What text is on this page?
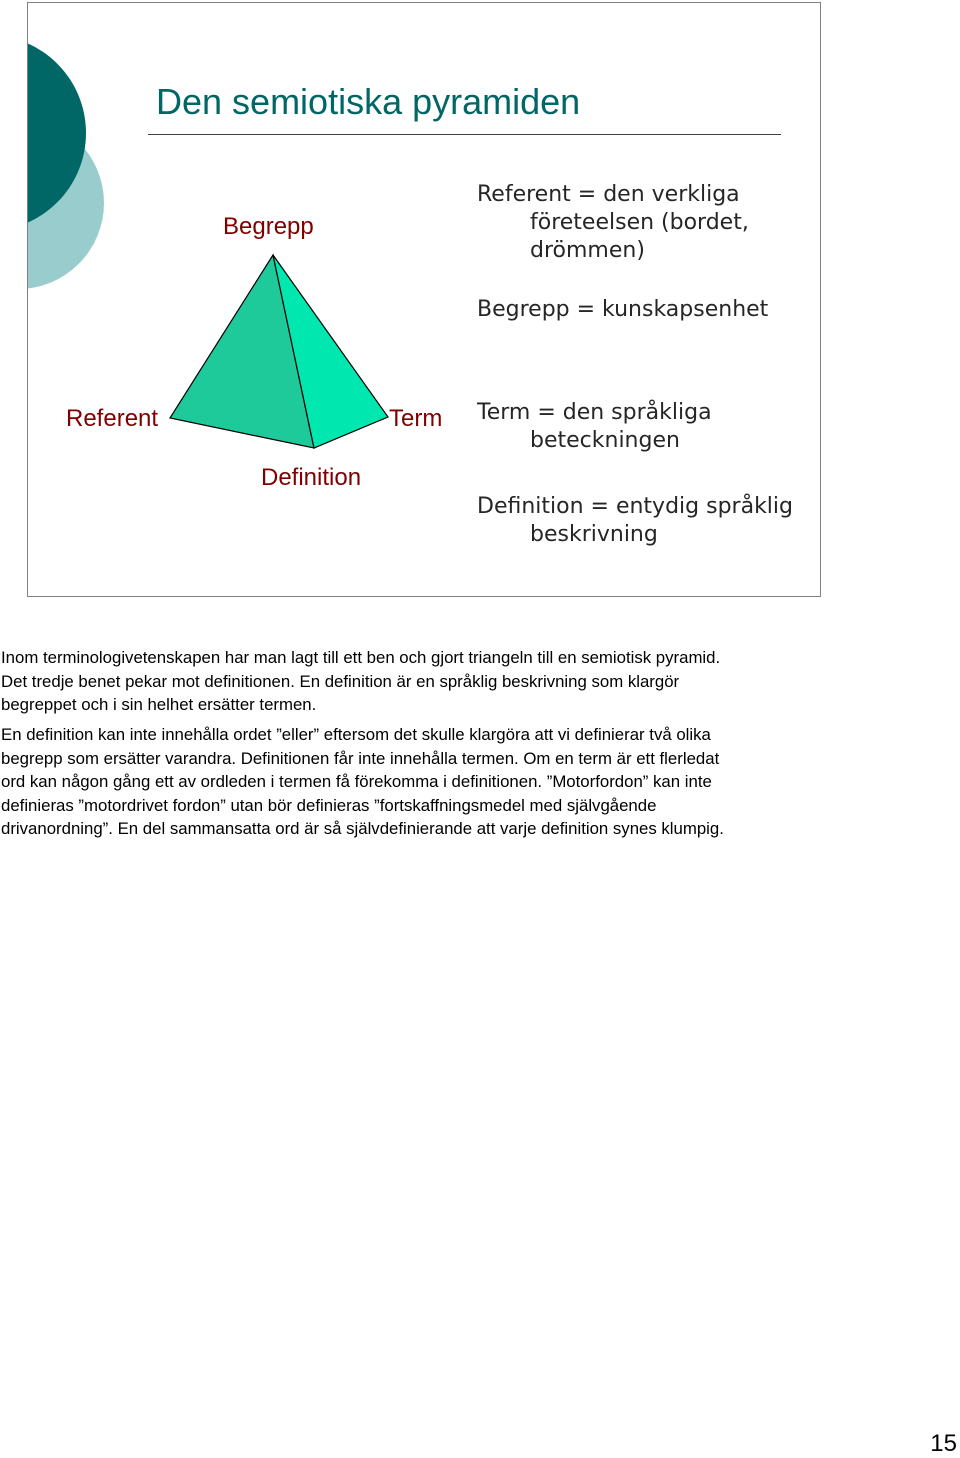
Den semiotiska pyramiden
Begrepp
Referent	Term
Definition
Referent = den verkliga
företeelsen (bordet,
drömmen)
Begrepp = kunskapsenhet
Term = den språkliga
beteckningen
Definition = entydig språklig
beskrivning
Inom terminologivetenskapen har man lagt till ett ben och gjort triangeln till en semiotisk pyramid.
Det tredje benet pekar mot definitionen. En definition är en språklig beskrivning som klargör
begreppet och i sin helhet ersätter termen.
En definition kan inte innehålla ordet ”eller” eftersom det skulle klargöra att vi definierar två olika
begrepp som ersätter varandra. Definitionen får inte innehålla termen. Om en term är ett flerledat
ord kan någon gång ett av ordleden i termen få förekomma i definitionen. ”Motorfordon” kan inte
definieras ”motordrivet fordon” utan bör definieras ”fortskaffningsmedel med självgående
drivanordning”. En del sammansatta ord är så självdefinierande att varje definition synes klumpig.
15
